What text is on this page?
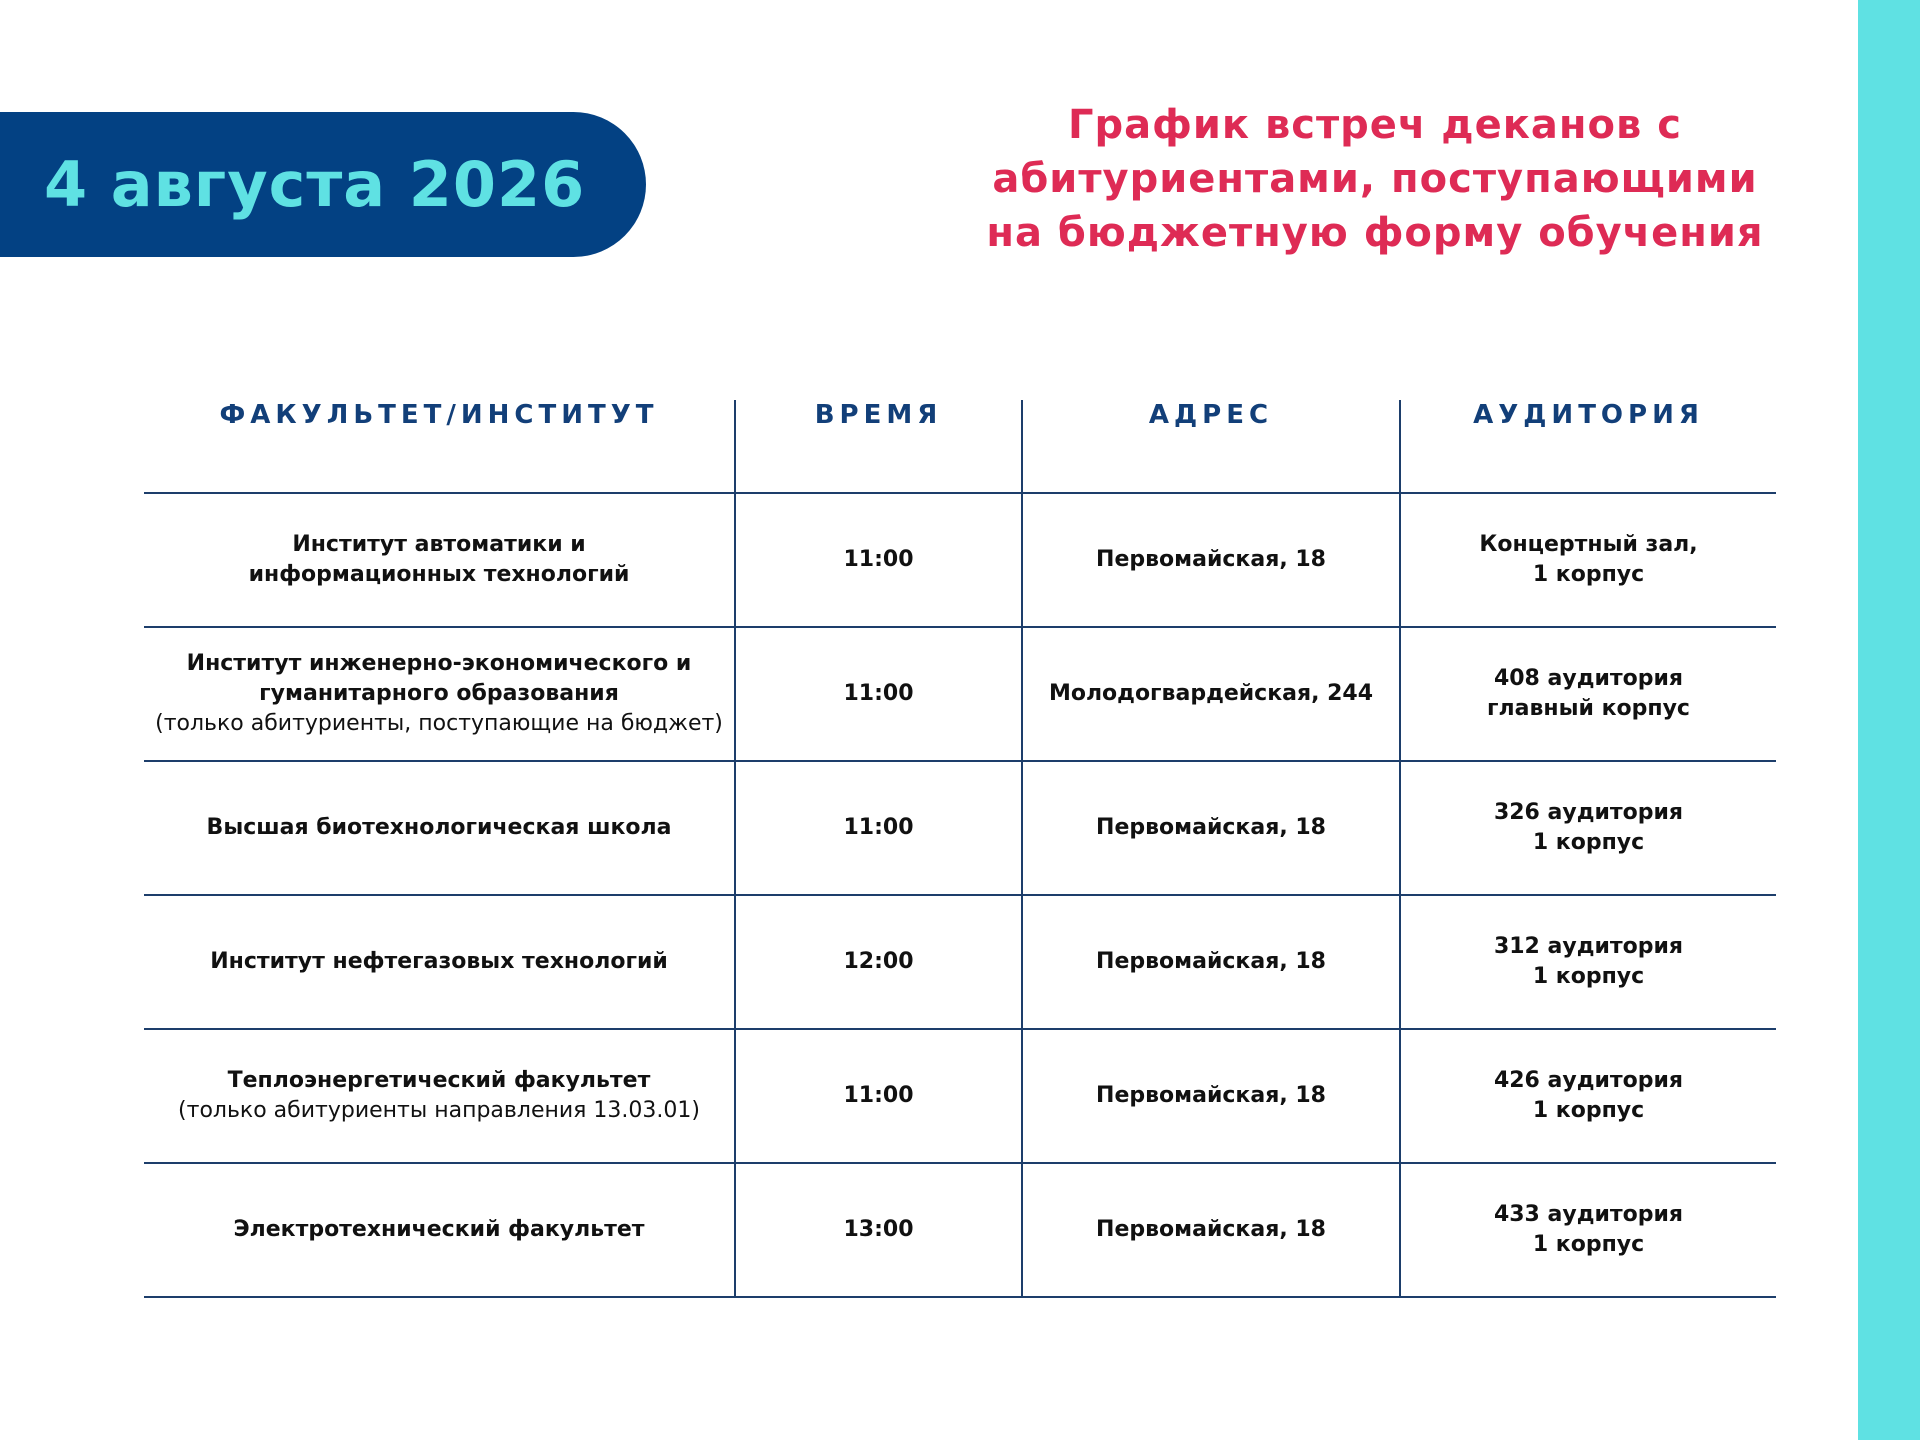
4 августа 2026
График встреч деканов с
абитуриентами, поступающими
на бюджетную форму обучения
ФАКУЛЬТЕТ/ИНСТИТУТ	ВРЕМЯ	АДРЕС	АУДИТОРИЯ

Институт автоматики и
информационных технологий	11:00	Первомайская, 18	Концертный зал,
1 корпус

Институт инженерно-экономического и
гуманитарного образования
(только абитуриенты, поступающие на бюджет)	11:00	Молодогвардейская, 244	408 аудитория
главный корпус

Высшая биотехнологическая школа	11:00	Первомайская, 18	326 аудитория
1 корпус

Институт нефтегазовых технологий	12:00	Первомайская, 18	312 аудитория
1 корпус

Теплоэнергетический факультет
(только абитуриенты направления 13.03.01)	11:00	Первомайская, 18	426 аудитория
1 корпус

Электротехнический факультет	13:00	Первомайская, 18	433 аудитория
1 корпус
